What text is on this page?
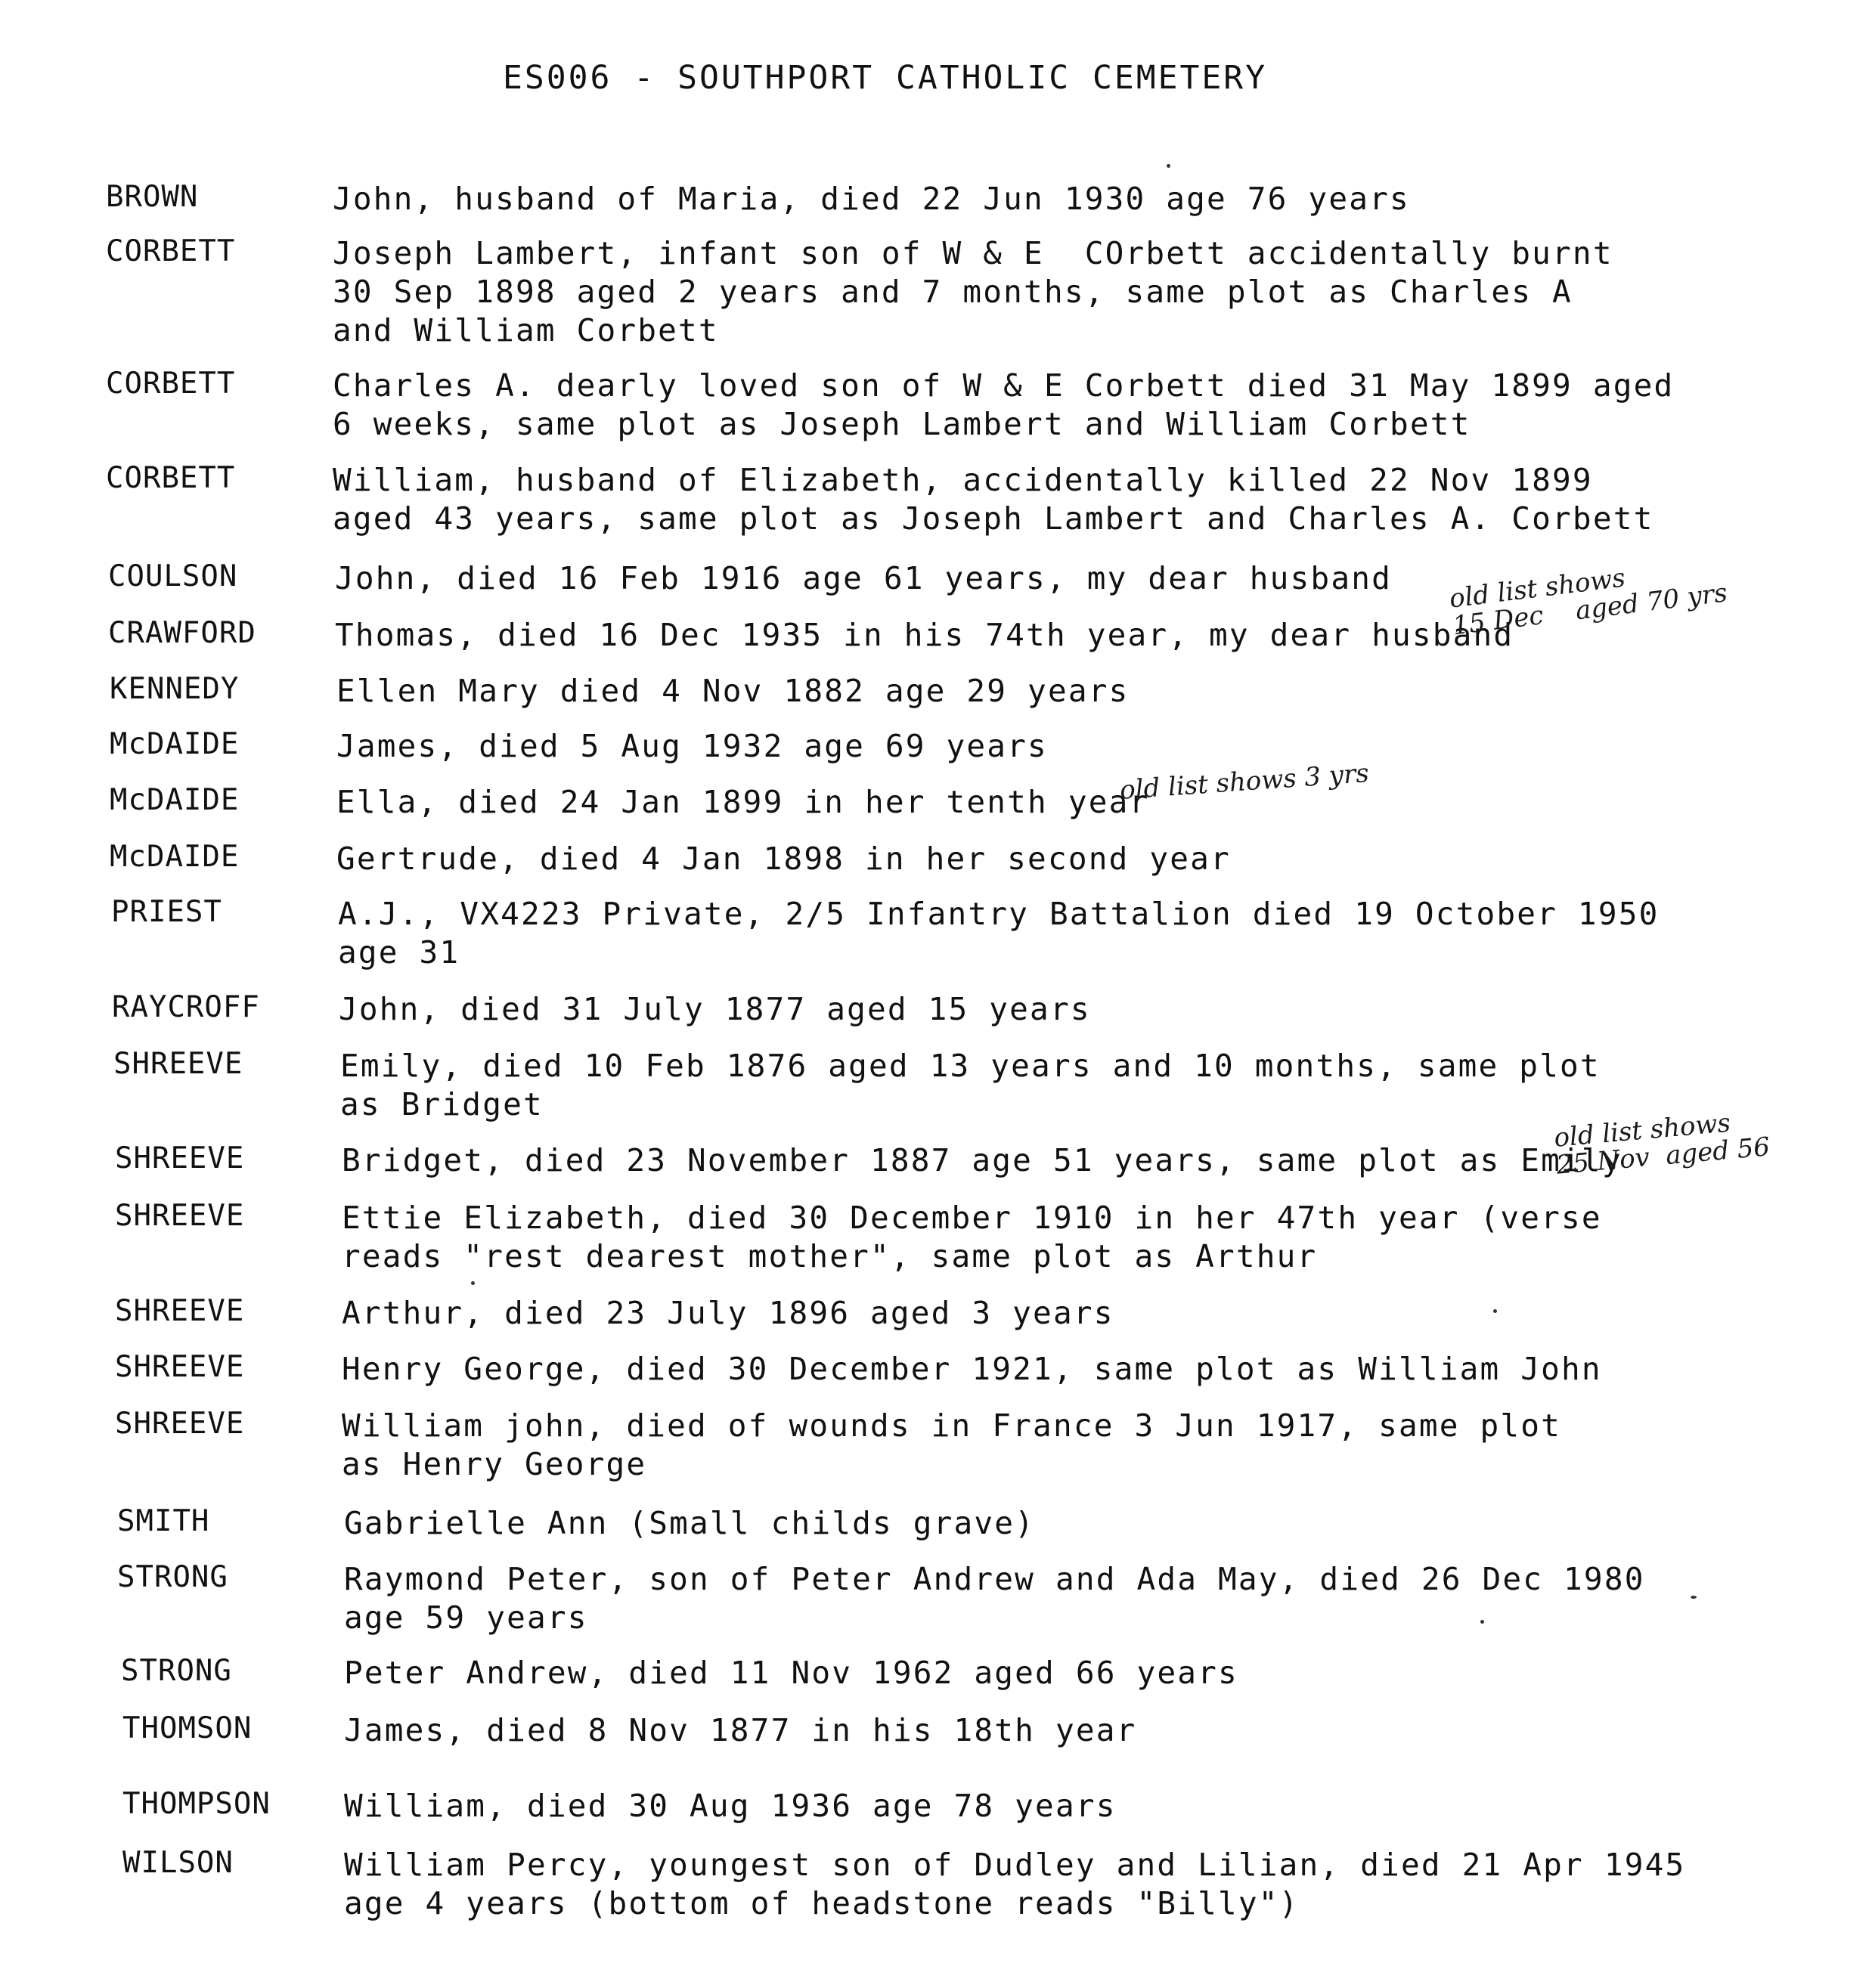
ES006 - SOUTHPORT CATHOLIC CEMETERY
BROWN	John, husband of Maria, died 22 Jun 1930 age 76 years
CORBETT	Joseph Lambert, infant son of W & E  COrbett accidentally burnt
30 Sep 1898 aged 2 years and 7 months, same plot as Charles A
and William Corbett
CORBETT	Charles A. dearly loved son of W & E Corbett died 31 May 1899 aged
6 weeks, same plot as Joseph Lambert and William Corbett
CORBETT	William, husband of Elizabeth, accidentally killed 22 Nov 1899
aged 43 years, same plot as Joseph Lambert and Charles A. Corbett
COULSON	John, died 16 Feb 1916 age 61 years, my dear husband
CRAWFORD	Thomas, died 16 Dec 1935 in his 74th year, my dear husband
old list shows
15 Dec    aged 70 yrs
KENNEDY	Ellen Mary died 4 Nov 1882 age 29 years
McDAIDE	James, died 5 Aug 1932 age 69 years
McDAIDE	Ella, died 24 Jan 1899 in her tenth year
old list shows 3 yrs
McDAIDE	Gertrude, died 4 Jan 1898 in her second year
PRIEST	A.J., VX4223 Private, 2/5 Infantry Battalion died 19 October 1950
age 31
RAYCROFF	John, died 31 July 1877 aged 15 years
SHREEVE	Emily, died 10 Feb 1876 aged 13 years and 10 months, same plot
as Bridget
SHREEVE	Bridget, died 23 November 1887 age 51 years, same plot as Emily
old list shows
25 Nov  aged 56
SHREEVE	Ettie Elizabeth, died 30 December 1910 in her 47th year (verse
reads "rest dearest mother", same plot as Arthur
SHREEVE	Arthur, died 23 July 1896 aged 3 years
SHREEVE	Henry George, died 30 December 1921, same plot as William John
SHREEVE	William john, died of wounds in France 3 Jun 1917, same plot
as Henry George
SMITH	Gabrielle Ann (Small childs grave)
STRONG	Raymond Peter, son of Peter Andrew and Ada May, died 26 Dec 1980
age 59 years
STRONG	Peter Andrew, died 11 Nov 1962 aged 66 years
THOMSON	James, died 8 Nov 1877 in his 18th year
THOMPSON William, died 30 Aug 1936 age 78 years
WILSON	William Percy, youngest son of Dudley and Lilian, died 21 Apr 1945
age 4 years (bottom of headstone reads "Billy")
